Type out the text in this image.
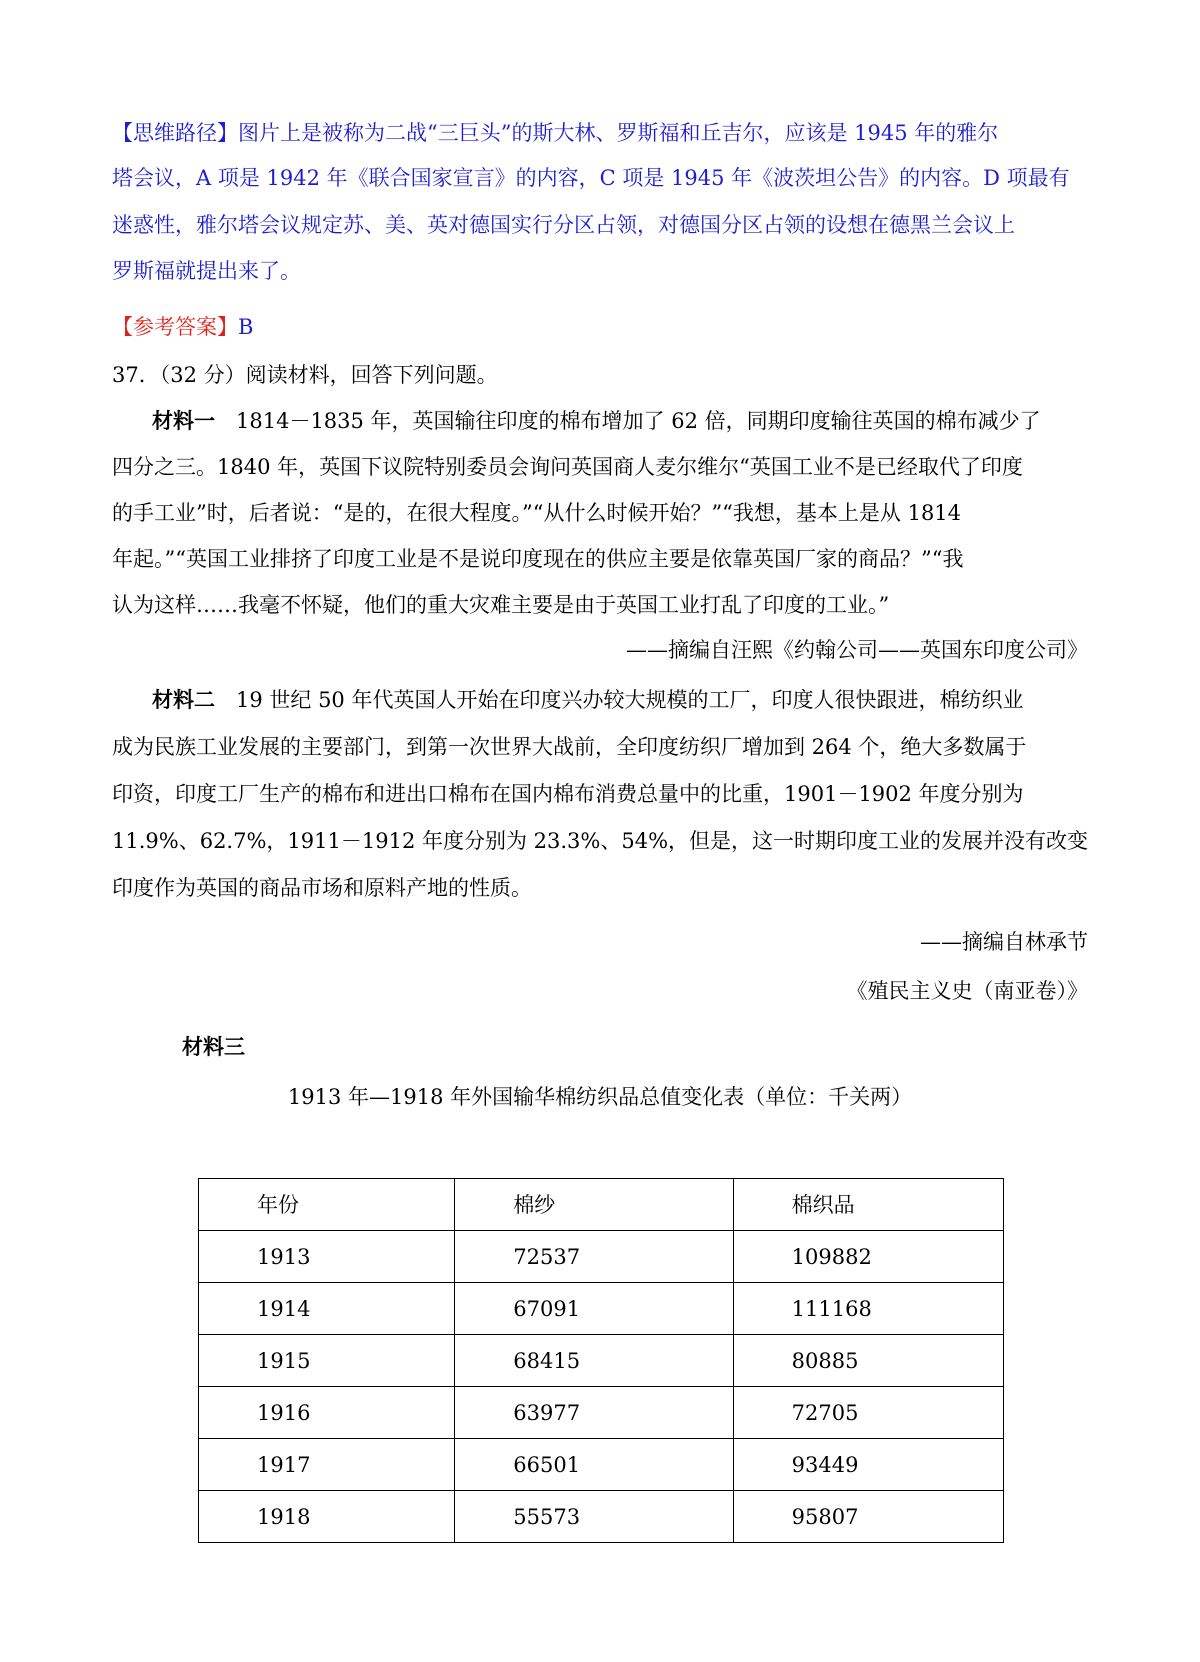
【思维路径】图片上是被称为二战“三巨头”的斯大林、罗斯福和丘吉尔，应该是 1945 年的雅尔
塔会议，A 项是 1942 年《联合国家宣言》的内容，C 项是 1945 年《波茨坦公告》的内容。D 项最有
迷惑性，雅尔塔会议规定苏、美、英对德国实行分区占领，对德国分区占领的设想在德黑兰会议上
罗斯福就提出来了。
【参考答案】B
37．（32 分）阅读材料，回答下列问题。
材料一　1814－1835 年，英国输往印度的棉布增加了 62 倍，同期印度输往英国的棉布减少了
四分之三。1840 年，英国下议院特别委员会询问英国商人麦尔维尔“英国工业不是已经取代了印度
的手工业”时，后者说：“是的，在很大程度。”“从什么时候开始？”“我想，基本上是从 1814
年起。”“英国工业排挤了印度工业是不是说印度现在的供应主要是依靠英国厂家的商品？”“我
认为这样……我毫不怀疑，他们的重大灾难主要是由于英国工业打乱了印度的工业。”
——摘编自汪熙《约翰公司——英国东印度公司》
材料二　19 世纪 50 年代英国人开始在印度兴办较大规模的工厂，印度人很快跟进，棉纺织业
成为民族工业发展的主要部门，到第一次世界大战前，全印度纺织厂增加到 264 个，绝大多数属于
印资，印度工厂生产的棉布和进出口棉布在国内棉布消费总量中的比重，1901－1902 年度分别为
11.9%、62.7%，1911－1912 年度分别为 23.3%、54%，但是，这一时期印度工业的发展并没有改变
印度作为英国的商品市场和原料产地的性质。
——摘编自林承节
《殖民主义史（南亚卷）》
材料三
1913 年—1918 年外国输华棉纺织品总值变化表（单位：千关两）
年份	棉纱	棉织品
1913	72537	109882
1914	67091	111168
1915	68415	80885
1916	63977	72705
1917	66501	93449
1918	55573	95807
